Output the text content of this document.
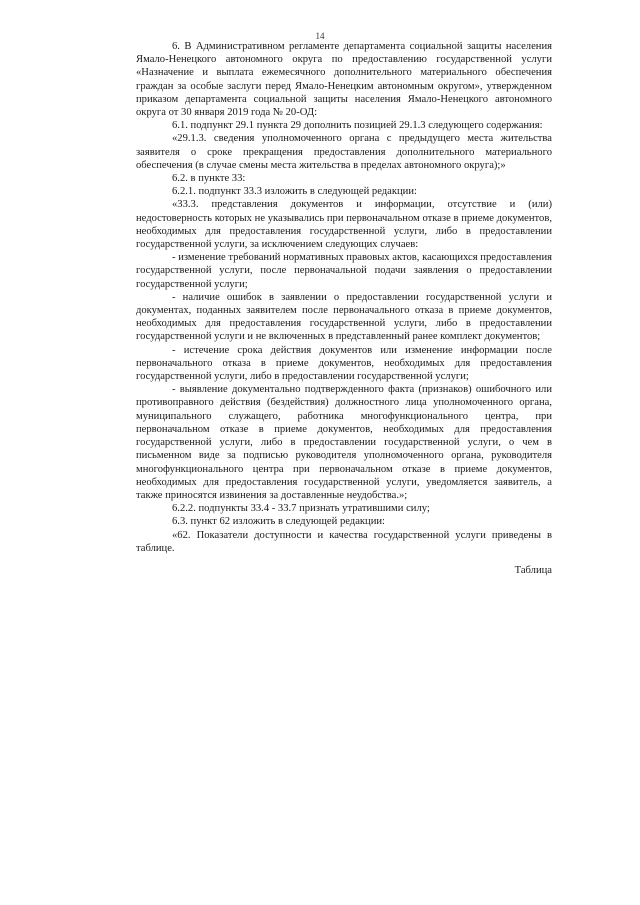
14

6. В Административном регламенте департамента социальной защиты населения Ямало-Ненецкого автономного округа по предоставлению государственной услуги «Назначение и выплата ежемесячного дополнительного материального обеспечения граждан за особые заслуги перед Ямало-Ненецким автономным округом», утвержденном приказом департамента социальной защиты населения Ямало-Ненецкого автономного округа от 30 января 2019 года № 20-ОД:

6.1. подпункт 29.1 пункта 29 дополнить позицией 29.1.3 следующего содержания:

«29.1.3. сведения уполномоченного органа с предыдущего места жительства заявителя о сроке прекращения предоставления дополнительного материального обеспечения (в случае смены места жительства в пределах автономного округа);»

6.2. в пункте 33:

6.2.1. подпункт 33.3 изложить в следующей редакции:

«33.3. представления документов и информации, отсутствие и (или) недостоверность которых не указывались при первоначальном отказе в приеме документов, необходимых для предоставления государственной услуги, либо в предоставлении государственной услуги, за исключением следующих случаев:

- изменение требований нормативных правовых актов, касающихся предоставления государственной услуги, после первоначальной подачи заявления о предоставлении государственной услуги;

- наличие ошибок в заявлении о предоставлении государственной услуги и документах, поданных заявителем после первоначального отказа в приеме документов, необходимых для предоставления государственной услуги, либо в предоставлении государственной услуги и не включенных в представленный ранее комплект документов;

- истечение срока действия документов или изменение информации после первоначального отказа в приеме документов, необходимых для предоставления государственной услуги, либо в предоставлении государственной услуги;

- выявление документально подтвержденного факта (признаков) ошибочного или противоправного действия (бездействия) должностного лица уполномоченного органа, муниципального служащего, работника многофункционального центра, при первоначальном отказе в приеме документов, необходимых для предоставления государственной услуги, либо в предоставлении государственной услуги, о чем в письменном виде за подписью руководителя уполномоченного органа, руководителя многофункционального центра при первоначальном отказе в приеме документов, необходимых для предоставления государственной услуги, уведомляется заявитель, а также приносятся извинения за доставленные неудобства.»;

6.2.2. подпункты 33.4 - 33.7 признать утратившими силу;

6.3. пункт 62 изложить в следующей редакции:

«62. Показатели доступности и качества государственной услуги приведены в таблице.

Таблица
